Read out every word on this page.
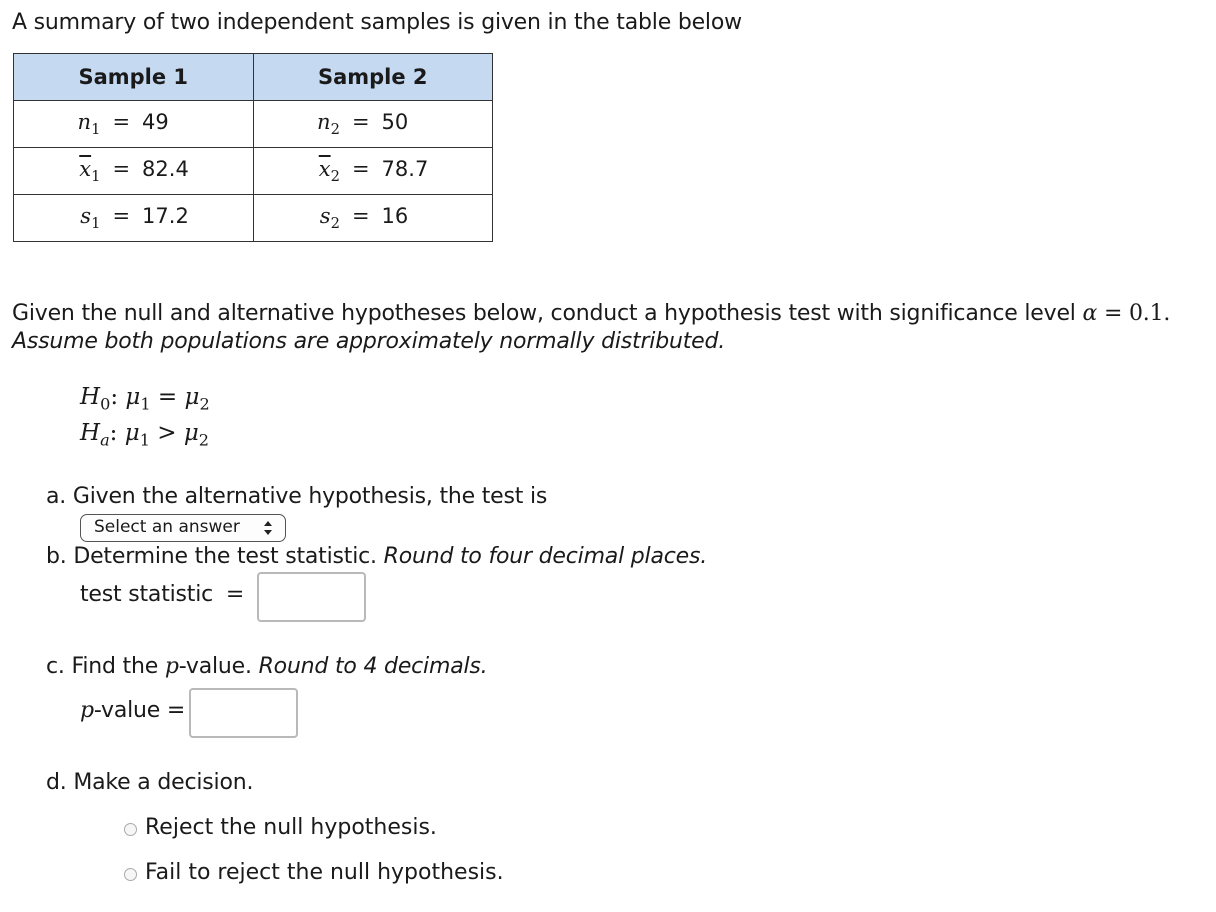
A summary of two independent samples is given in the table below
Sample 1	Sample 2
$n_1 = 49$	$n_2 = 50$
$\overline{x}_1 = 82.4$	$\overline{x}_2 = 78.7$
$s_1 = 17.2$	$s_2 = 16$
Given the null and alternative hypotheses below, conduct a hypothesis test with significance level α = 0.1.
Assume both populations are approximately normally distributed.
$H_0$: $\mu_1 = \mu_2$
$H_a$: $\mu_1 > \mu_2$
a. Given the alternative hypothesis, the test is
Select an answer
b. Determine the test statistic. Round to four decimal places.
test statistic =
c. Find the p-value. Round to 4 decimals.
p-value =
d. Make a decision.
Reject the null hypothesis.
Fail to reject the null hypothesis.
